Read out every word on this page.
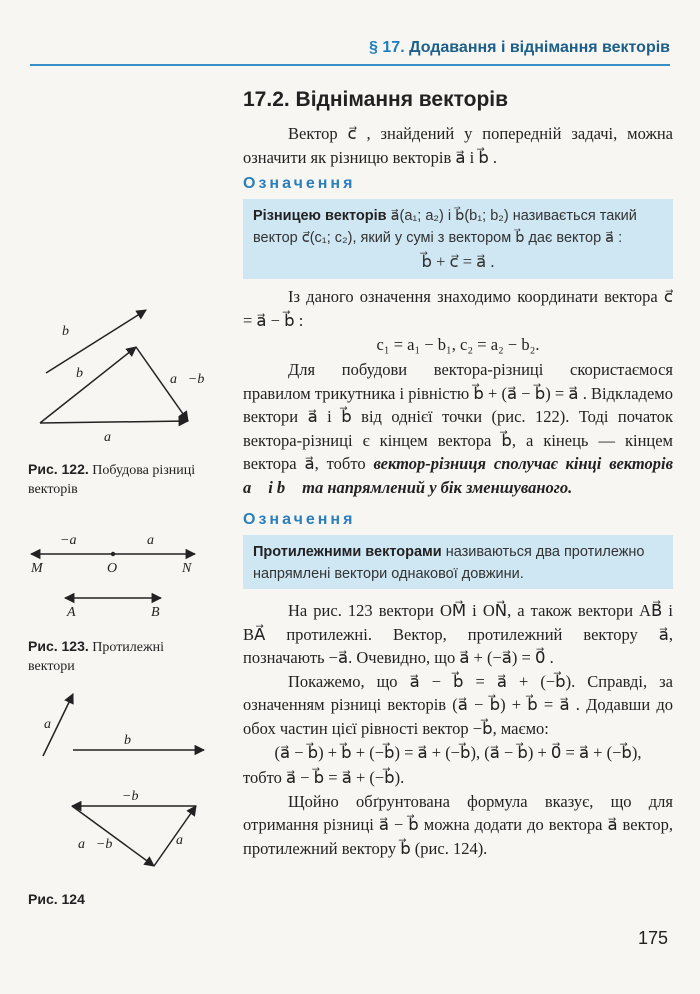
§ 17. Додавання і віднімання векторів
17.2. Віднімання векторів

Вектор c⃗ , знайдений у попередній задачі, можна означити як різницю векторів a⃗ і b⃗ .

Означення
Різницею векторів a⃗(a₁; a₂) і b⃗(b₁; b₂) називається такий вектор c⃗(c₁; c₂), який у сумі з вектором b⃗ дає вектор a⃗ :
b⃗ + c⃗ = a⃗ .

Із даного означення знаходимо координати вектора c⃗ = a⃗ − b⃗ :

c₁ = a₁ − b₁, c₂ = a₂ − b₂.

Для побудови вектора-різниці скористаємося правилом трикутника і рівністю b⃗ + (a⃗ − b⃗) = a⃗ . Відкладемо вектори a⃗ і b⃗ від однієї точки (рис. 122). Тоді початок вектора-різниці є кінцем вектора b⃗, а кінець — кінцем вектора a⃗, тобто вектор-різниця сполучає кінці векторів a⃗ і b⃗ та напрямлений у бік зменшуваного.

Означення
Протилежними векторами називаються два протилежно напрямлені вектори однакової довжини.

На рис. 123 вектори OM⃗ і ON⃗, а також вектори AB⃗ і BA⃗ протилежні. Вектор, протилежний вектору a⃗, позначають −a⃗. Очевидно, що a⃗ + (−a⃗) = 0⃗ .

Покажемо, що a⃗ − b⃗ = a⃗ + (−b⃗). Справді, за означенням різниці векторів (a⃗ − b⃗) + b⃗ = a⃗ . Додавши до обох частин цієї рівності вектор −b⃗, маємо:

(a⃗ − b⃗) + b⃗ + (−b⃗) = a⃗ + (−b⃗), (a⃗ − b⃗) + 0⃗ = a⃗ + (−b⃗),

тобто a⃗ − b⃗ = a⃗ + (−b⃗).

Щойно обґрунтована формула вказує, що для отримання різниці a⃗ − b⃗ можна додати до вектора a⃗ вектор, протилежний вектору b⃗ (рис. 124).

b⃗
b⃗	a⃗−b⃗
a⃗
Рис. 122. Побудова різниці векторів
−a⃗	a⃗
M	O	N
A	B
Рис. 123. Протилежні вектори
a⃗
b⃗
−b⃗
a⃗−b⃗	a⃗
Рис. 124
175
